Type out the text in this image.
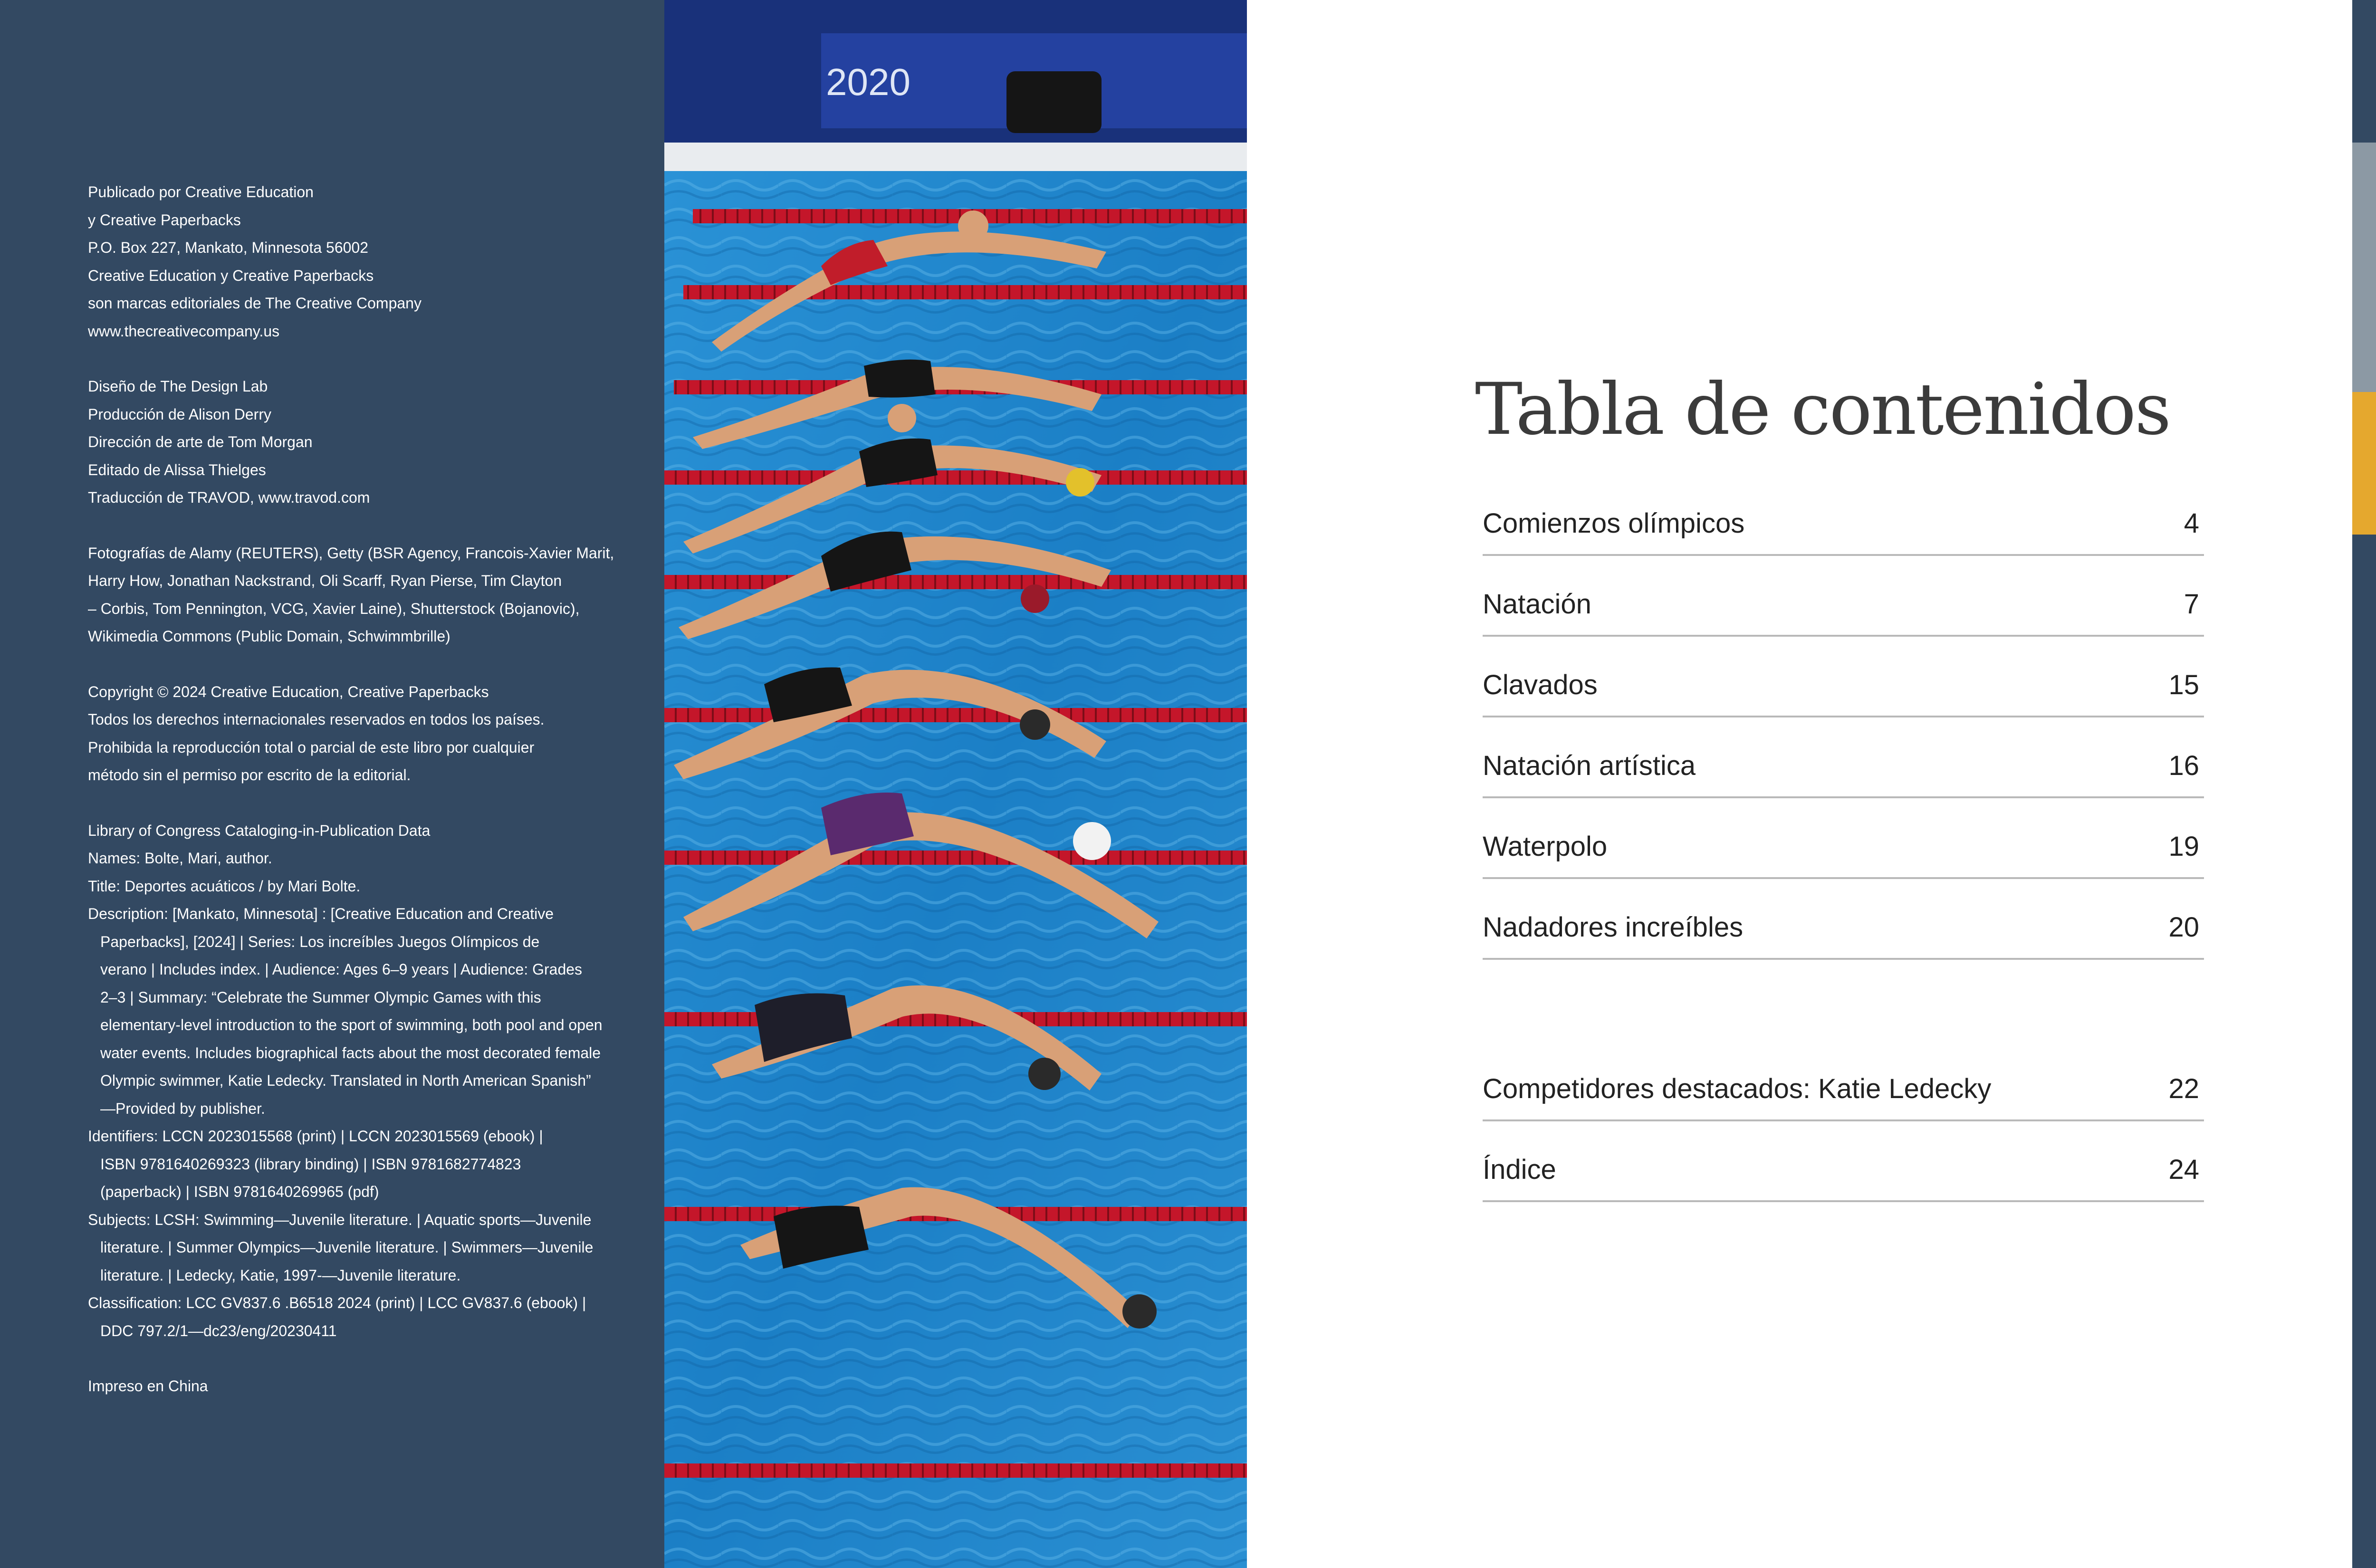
Publicado por Creative Education
y Creative Paperbacks
P.O. Box 227, Mankato, Minnesota 56002
Creative Education y Creative Paperbacks
son marcas editoriales de The Creative Company
www.thecreativecompany.us
Diseño de The Design Lab
Producción de Alison Derry
Dirección de arte de Tom Morgan
Editado de Alissa Thielges
Traducción de TRAVOD, www.travod.com
Fotografías de Alamy (REUTERS), Getty (BSR Agency, Francois-Xavier Marit,
Harry How, Jonathan Nackstrand, Oli Scarff, Ryan Pierse, Tim Clayton
– Corbis, Tom Pennington, VCG, Xavier Laine), Shutterstock (Bojanovic),
Wikimedia Commons (Public Domain, Schwimmbrille)
Copyright © 2024 Creative Education, Creative Paperbacks
Todos los derechos internacionales reservados en todos los países.
Prohibida la reproducción total o parcial de este libro por cualquier
método sin el permiso por escrito de la editorial.
Library of Congress Cataloging-in-Publication Data
Names: Bolte, Mari, author.
Title: Deportes acuáticos / by Mari Bolte.
Description: [Mankato, Minnesota] : [Creative Education and Creative
Paperbacks], [2024] | Series: Los increíbles Juegos Olímpicos de
verano | Includes index. | Audience: Ages 6–9 years | Audience: Grades
2–3 | Summary: “Celebrate the Summer Olympic Games with this
elementary-level introduction to the sport of swimming, both pool and open
water events. Includes biographical facts about the most decorated female
Olympic swimmer, Katie Ledecky. Translated in North American Spanish”
—Provided by publisher.
Identifiers: LCCN 2023015568 (print) | LCCN 2023015569 (ebook) |
ISBN 9781640269323 (library binding) | ISBN 9781682774823
(paperback) | ISBN 9781640269965 (pdf)
Subjects: LCSH: Swimming—Juvenile literature. | Aquatic sports—Juvenile
literature. | Summer Olympics—Juvenile literature. | Swimmers—Juvenile
literature. | Ledecky, Katie, 1997-—Juvenile literature.
Classification: LCC GV837.6 .B6518 2024 (print) | LCC GV837.6 (ebook) |
DDC 797.2/1—dc23/eng/20230411
Impreso en China
2020
Tabla de contenidos
Comienzos olímpicos	4
Natación	7
Clavados	15
Natación artística	16
Waterpolo	19
Nadadores increíbles	20
Competidores destacados: Katie Ledecky	22
Índice	24
